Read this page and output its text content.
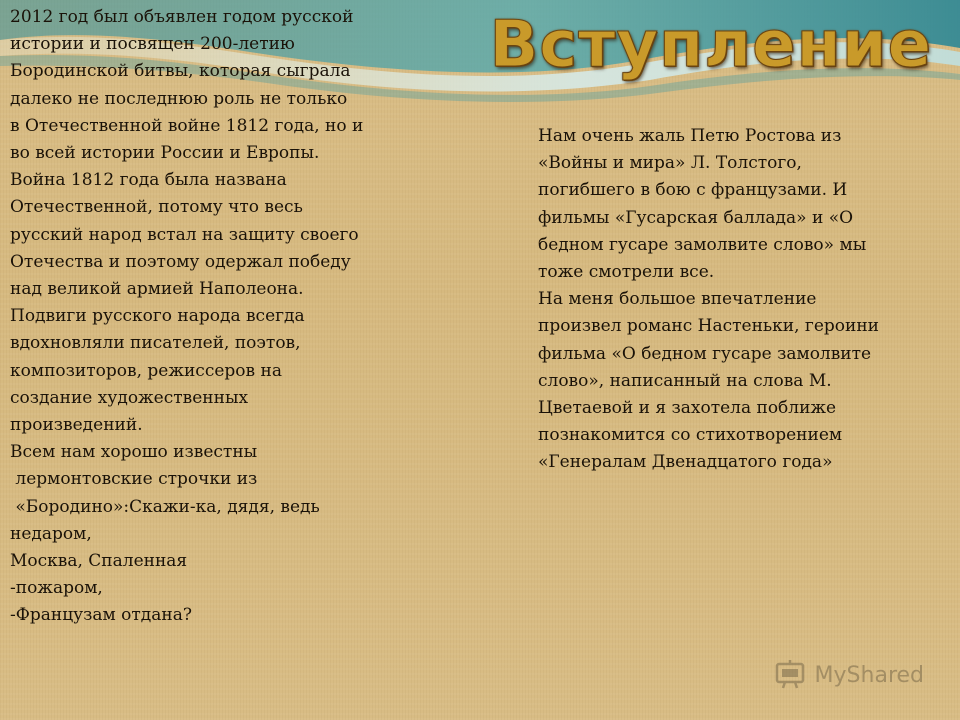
Вступление

2012 год был объявлен годом русской

истории и посвящен 200-летию

Бородинской битвы, которая сыграла

далеко не последнюю роль не только

в Отечественной войне 1812 года, но и

во всей истории России и Европы.

Война 1812 года была названа

Отечественной, потому что весь

русский народ встал на защиту своего

Отечества и поэтому одержал победу

над великой армией Наполеона.

Подвиги русского народа всегда

вдохновляли писателей, поэтов,

композиторов, режиссеров на

создание художественных

произведений.

Всем нам хорошо известны

лермонтовские строчки из

«Бородино»:Скажи-ка, дядя, ведь

недаром,

Москва, Спаленная

-пожаром,

-Французам отдана?

Нам очень жаль Петю Ростова из

«Войны и мира» Л. Толстого,

погибшего в бою с французами. И

фильмы «Гусарская баллада» и «О

бедном гусаре замолвите слово» мы

тоже смотрели все.

На меня большое впечатление

произвел романс Настеньки, героини

фильма «О бедном гусаре замолвите

слово», написанный на слова М.

Цветаевой и я захотела поближе

познакомится со стихотворением

«Генералам Двенадцатого года»

MyShared
